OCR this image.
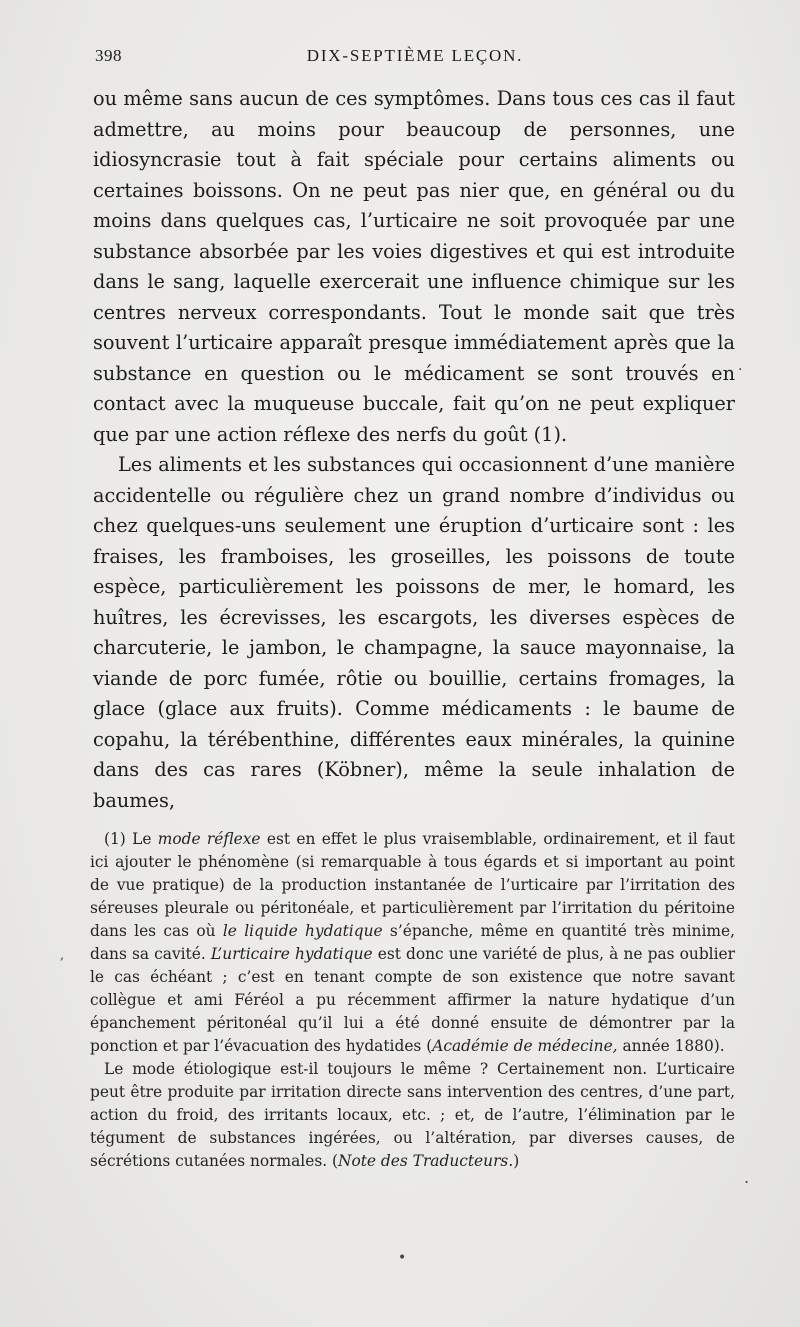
398	DIX-SEPTIÈME LEÇON.

ou même sans aucun de ces symptômes. Dans tous ces cas il faut admettre, au moins pour beaucoup de personnes, une idiosyncrasie tout à fait spéciale pour certains aliments ou certaines boissons. On ne peut pas nier que, en général ou du moins dans quelques cas, l’urticaire ne soit provoquée par une substance absorbée par les voies digestives et qui est introduite dans le sang, laquelle exercerait une influence chimique sur les centres nerveux correspondants. Tout le monde sait que très souvent l’urticaire apparaît presque immédiatement après que la substance en question ou le médicament se sont trouvés en contact avec la muqueuse buccale, fait qu’on ne peut expliquer que par une action réflexe des nerfs du goût (1).

Les aliments et les substances qui occasionnent d’une manière accidentelle ou régulière chez un grand nombre d’individus ou chez quelques-uns seulement une éruption d’urticaire sont : les fraises, les framboises, les groseilles, les poissons de toute espèce, particulièrement les poissons de mer, le homard, les huîtres, les écrevisses, les escargots, les diverses espèces de charcuterie, le jambon, le champagne, la sauce mayonnaise, la viande de porc fumée, rôtie ou bouillie, certains fromages, la glace (glace aux fruits). Comme médicaments : le baume de copahu, la térébenthine, différentes eaux minérales, la quinine dans des cas rares (Köbner), même la seule inhalation de baumes,

(1) Le mode réflexe est en effet le plus vraisemblable, ordinairement, et il faut ici ajouter le phénomène (si remarquable à tous égards et si important au point de vue pratique) de la production instantanée de l’urticaire par l’irritation des séreuses pleurale ou péritonéale, et particulièrement par l’irritation du péritoine dans les cas où le liquide hydatique s’épanche, même en quantité très minime, dans sa cavité. L’urticaire hydatique est donc une variété de plus, à ne pas oublier le cas échéant ; c’est en tenant compte de son existence que notre savant collègue et ami Féréol a pu récemment affirmer la nature hydatique d’un épanchement péritonéal qu’il lui a été donné ensuite de démontrer par la ponction et par l’évacuation des hydatides (Académie de médecine, année 1880).

Le mode étiologique est-il toujours le même ? Certainement non. L’urticaire peut être produite par irritation directe sans intervention des centres, d’une part, action du froid, des irritants locaux, etc. ; et, de l’autre, l’élimination par le tégument de substances ingérées, ou l’altération, par diverses causes, de sécrétions cutanées normales. (Note des Traducteurs.)

·
,
.
•
